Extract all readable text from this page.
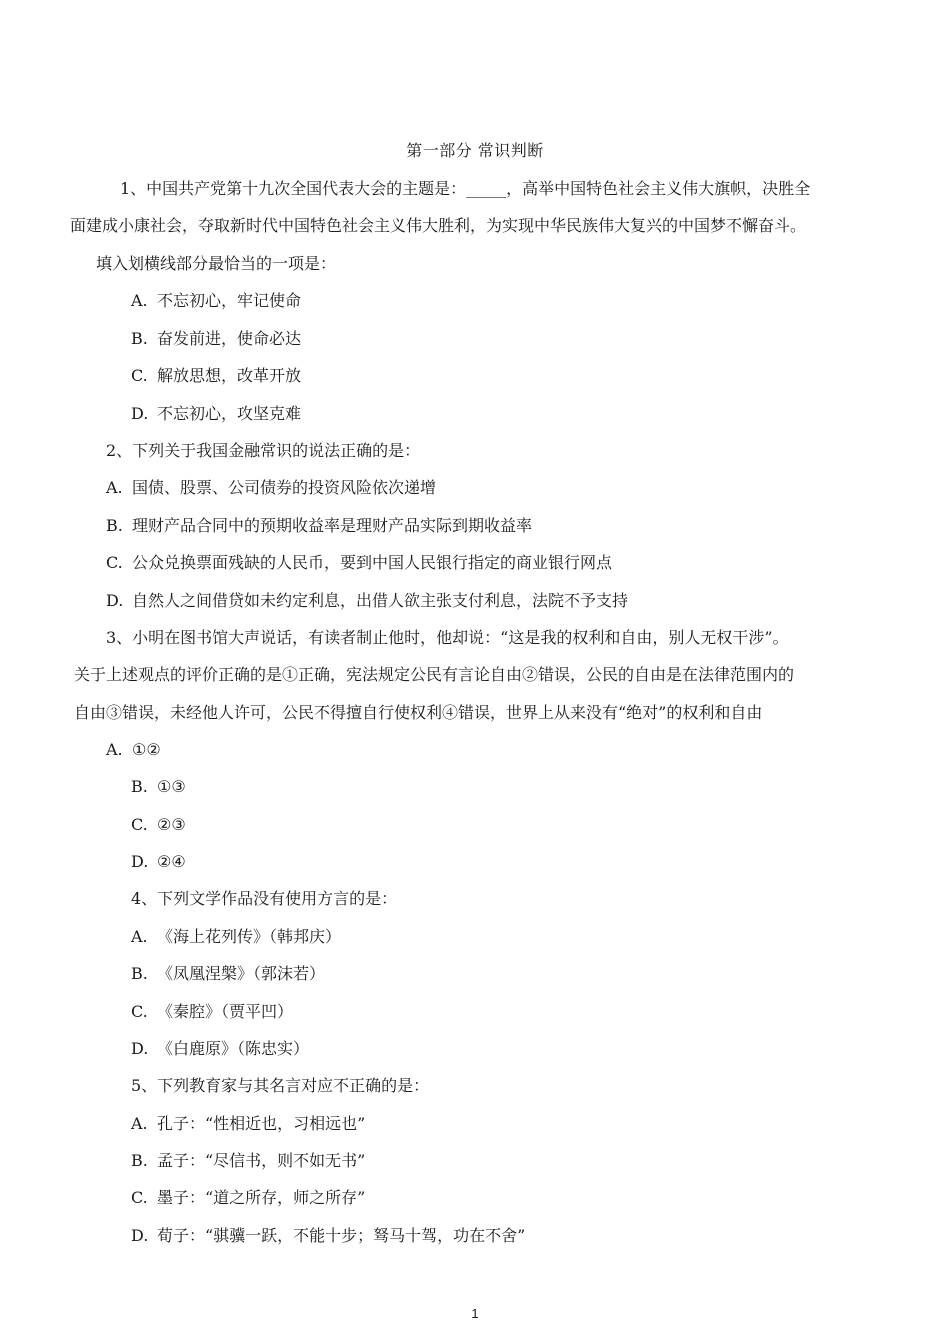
第一部分 常识判断
1、中国共产党第十九次全国代表大会的主题是：_____，高举中国特色社会主义伟大旗帜，决胜全
面建成小康社会，夺取新时代中国特色社会主义伟大胜利，为实现中华民族伟大复兴的中国梦不懈奋斗。
填入划横线部分最恰当的一项是：
A. 不忘初心，牢记使命
B. 奋发前进，使命必达
C. 解放思想，改革开放
D. 不忘初心，攻坚克难
2、下列关于我国金融常识的说法正确的是：
A. 国债、股票、公司债券的投资风险依次递增
B. 理财产品合同中的预期收益率是理财产品实际到期收益率
C. 公众兑换票面残缺的人民币，要到中国人民银行指定的商业银行网点
D. 自然人之间借贷如未约定利息，出借人欲主张支付利息，法院不予支持
3、小明在图书馆大声说话，有读者制止他时，他却说：“这是我的权利和自由，别人无权干涉”。
关于上述观点的评价正确的是①正确，宪法规定公民有言论自由②错误，公民的自由是在法律范围内的
自由③错误，未经他人许可，公民不得擅自行使权利④错误，世界上从来没有“绝对”的权利和自由
A. ①②
B. ①③
C. ②③
D. ②④
4、下列文学作品没有使用方言的是：
A. 《海上花列传》（韩邦庆）
B. 《凤凰涅槃》（郭沫若）
C. 《秦腔》（贾平凹）
D. 《白鹿原》（陈忠实）
5、下列教育家与其名言对应不正确的是：
A. 孔子：“性相近也，习相远也”
B. 孟子：“尽信书，则不如无书”
C. 墨子：“道之所存，师之所存”
D. 荀子：“骐骥一跃，不能十步；驽马十驾，功在不舍”
1
